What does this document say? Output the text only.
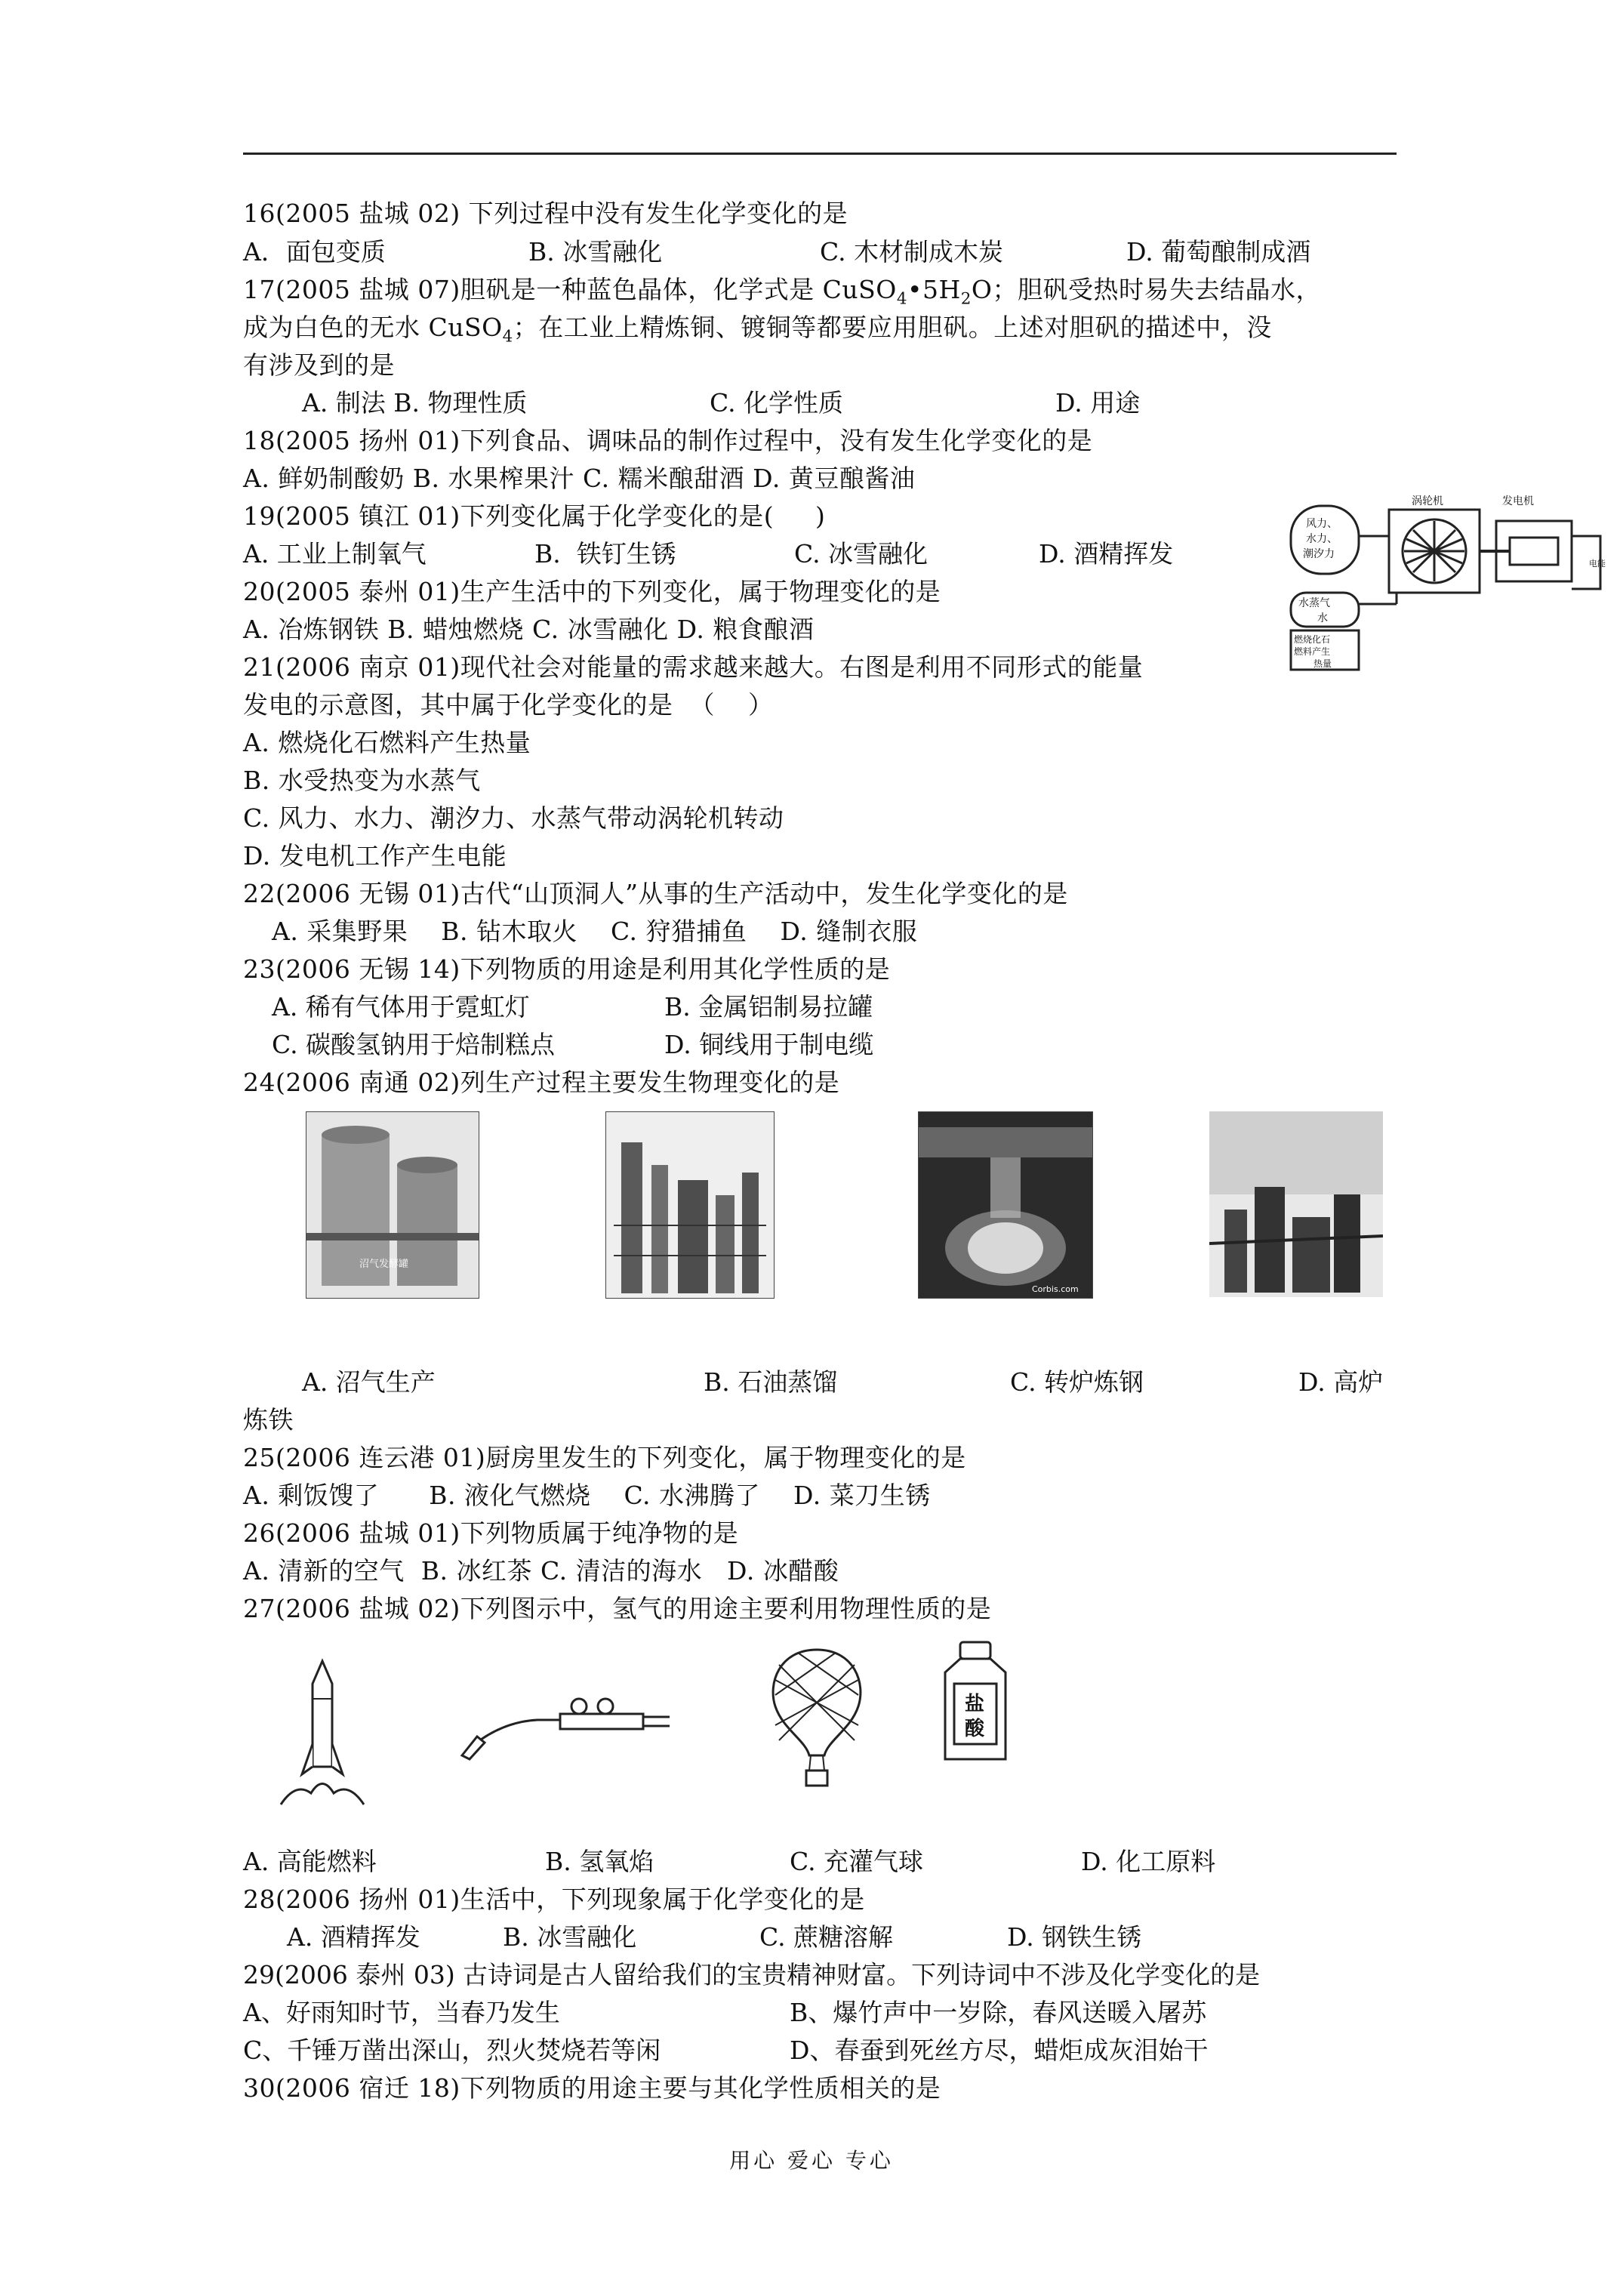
16(2005 盐城 02) 下列过程中没有发生化学变化的是
A．面包变质	B. 冰雪融化	C. 木材制成木炭	D. 葡萄酿制成酒
17(2005 盐城 07)胆矾是一种蓝色晶体，化学式是 $CuSO_4•5H_2O$；胆矾受热时易失去结晶水，
成为白色的无水 CuSO$_4$；在工业上精炼铜、镀铜等都要应用胆矾。上述对胆矾的描述中，没
有涉及到的是
A. 制法 B. 物理性质	C. 化学性质	D. 用途
18(2005 扬州 01)下列食品、调味品的制作过程中，没有发生化学变化的是
A. 鲜奶制酸奶 B. 水果榨果汁 C. 糯米酿甜酒 D. 黄豆酿酱油
19(2005 镇江 01)下列变化属于化学变化的是(     )
A. 工业上制氧气	B.  铁钉生锈	C. 冰雪融化	D. 酒精挥发
20(2005 泰州 01)生产生活中的下列变化，属于物理变化的是
A. 冶炼钢铁 B. 蜡烛燃烧 C. 冰雪融化 D. 粮食酿酒
21(2006 南京 01)现代社会对能量的需求越来越大。右图是利用不同形式的能量
发电的示意图，其中属于化学变化的是  （    ）
A. 燃烧化石燃料产生热量
B. 水受热变为水蒸气
C. 风力、水力、潮汐力、水蒸气带动涡轮机转动
D. 发电机工作产生电能
风力、
水力、
潮汐力
涡轮机	发电机
电能
水蒸气
水
燃烧化石
燃料产生
热量
22(2006 无锡 01)古代“山顶洞人”从事的生产活动中，发生化学变化的是
A. 采集野果    B. 钻木取火    C. 狩猎捕鱼    D. 缝制衣服
23(2006 无锡 14)下列物质的用途是利用其化学性质的是
A. 稀有气体用于霓虹灯	B. 金属铝制易拉罐
C. 碳酸氢钠用于焙制糕点	D. 铜线用于制电缆
24(2006 南通 02)列生产过程主要发生物理变化的是
沼气发酵罐
Corbis.com
A. 沼气生产	B. 石油蒸馏	C. 转炉炼钢	D. 高炉
炼铁
25(2006 连云港 01)厨房里发生的下列变化，属于物理变化的是
A. 剩饭馊了      B. 液化气燃烧    C. 水沸腾了    D. 菜刀生锈
26(2006 盐城 01)下列物质属于纯净物的是
A. 清新的空气  B. 冰红茶 C. 清洁的海水   D. 冰醋酸
27(2006 盐城 02)下列图示中，氢气的用途主要利用物理性质的是
盐
酸
A. 高能燃料	B. 氢氧焰	C. 充灌气球	D. 化工原料
28(2006 扬州 01)生活中，下列现象属于化学变化的是
A. 酒精挥发	B. 冰雪融化	C. 蔗糖溶解	D. 钢铁生锈
29(2006 泰州 03) 古诗词是古人留给我们的宝贵精神财富。下列诗词中不涉及化学变化的是
A、好雨知时节，当春乃发生	B、爆竹声中一岁除，春风送暖入屠苏
C、千锤万凿出深山，烈火焚烧若等闲	D、春蚕到死丝方尽，蜡炬成灰泪始干
30(2006 宿迁 18)下列物质的用途主要与其化学性质相关的是
用心 爱心 专心
